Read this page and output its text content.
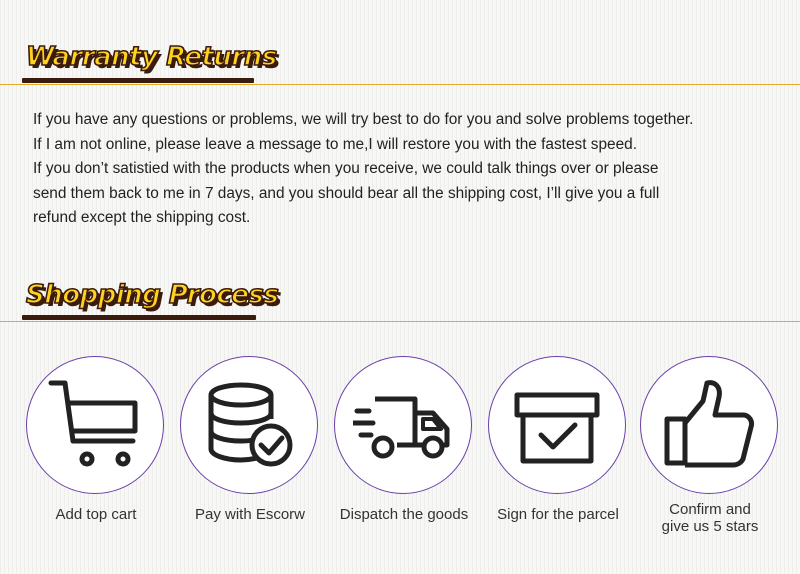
Warranty Returns

If you have any questions or problems, we will try best to do for you and solve problems together.

If I am not online, please leave a message to me,I will restore you with the fastest speed.

If you don’t satistied with the products when you receive, we could talk things over or please

send them back to me in 7 days, and you should bear all the shipping cost, I’ll give you a full

refund except the shipping cost.

Shopping Process
Add top cart	Pay with Escorw	Dispatch the goods	Sign for the parcel	Confirm and
give us 5 stars
